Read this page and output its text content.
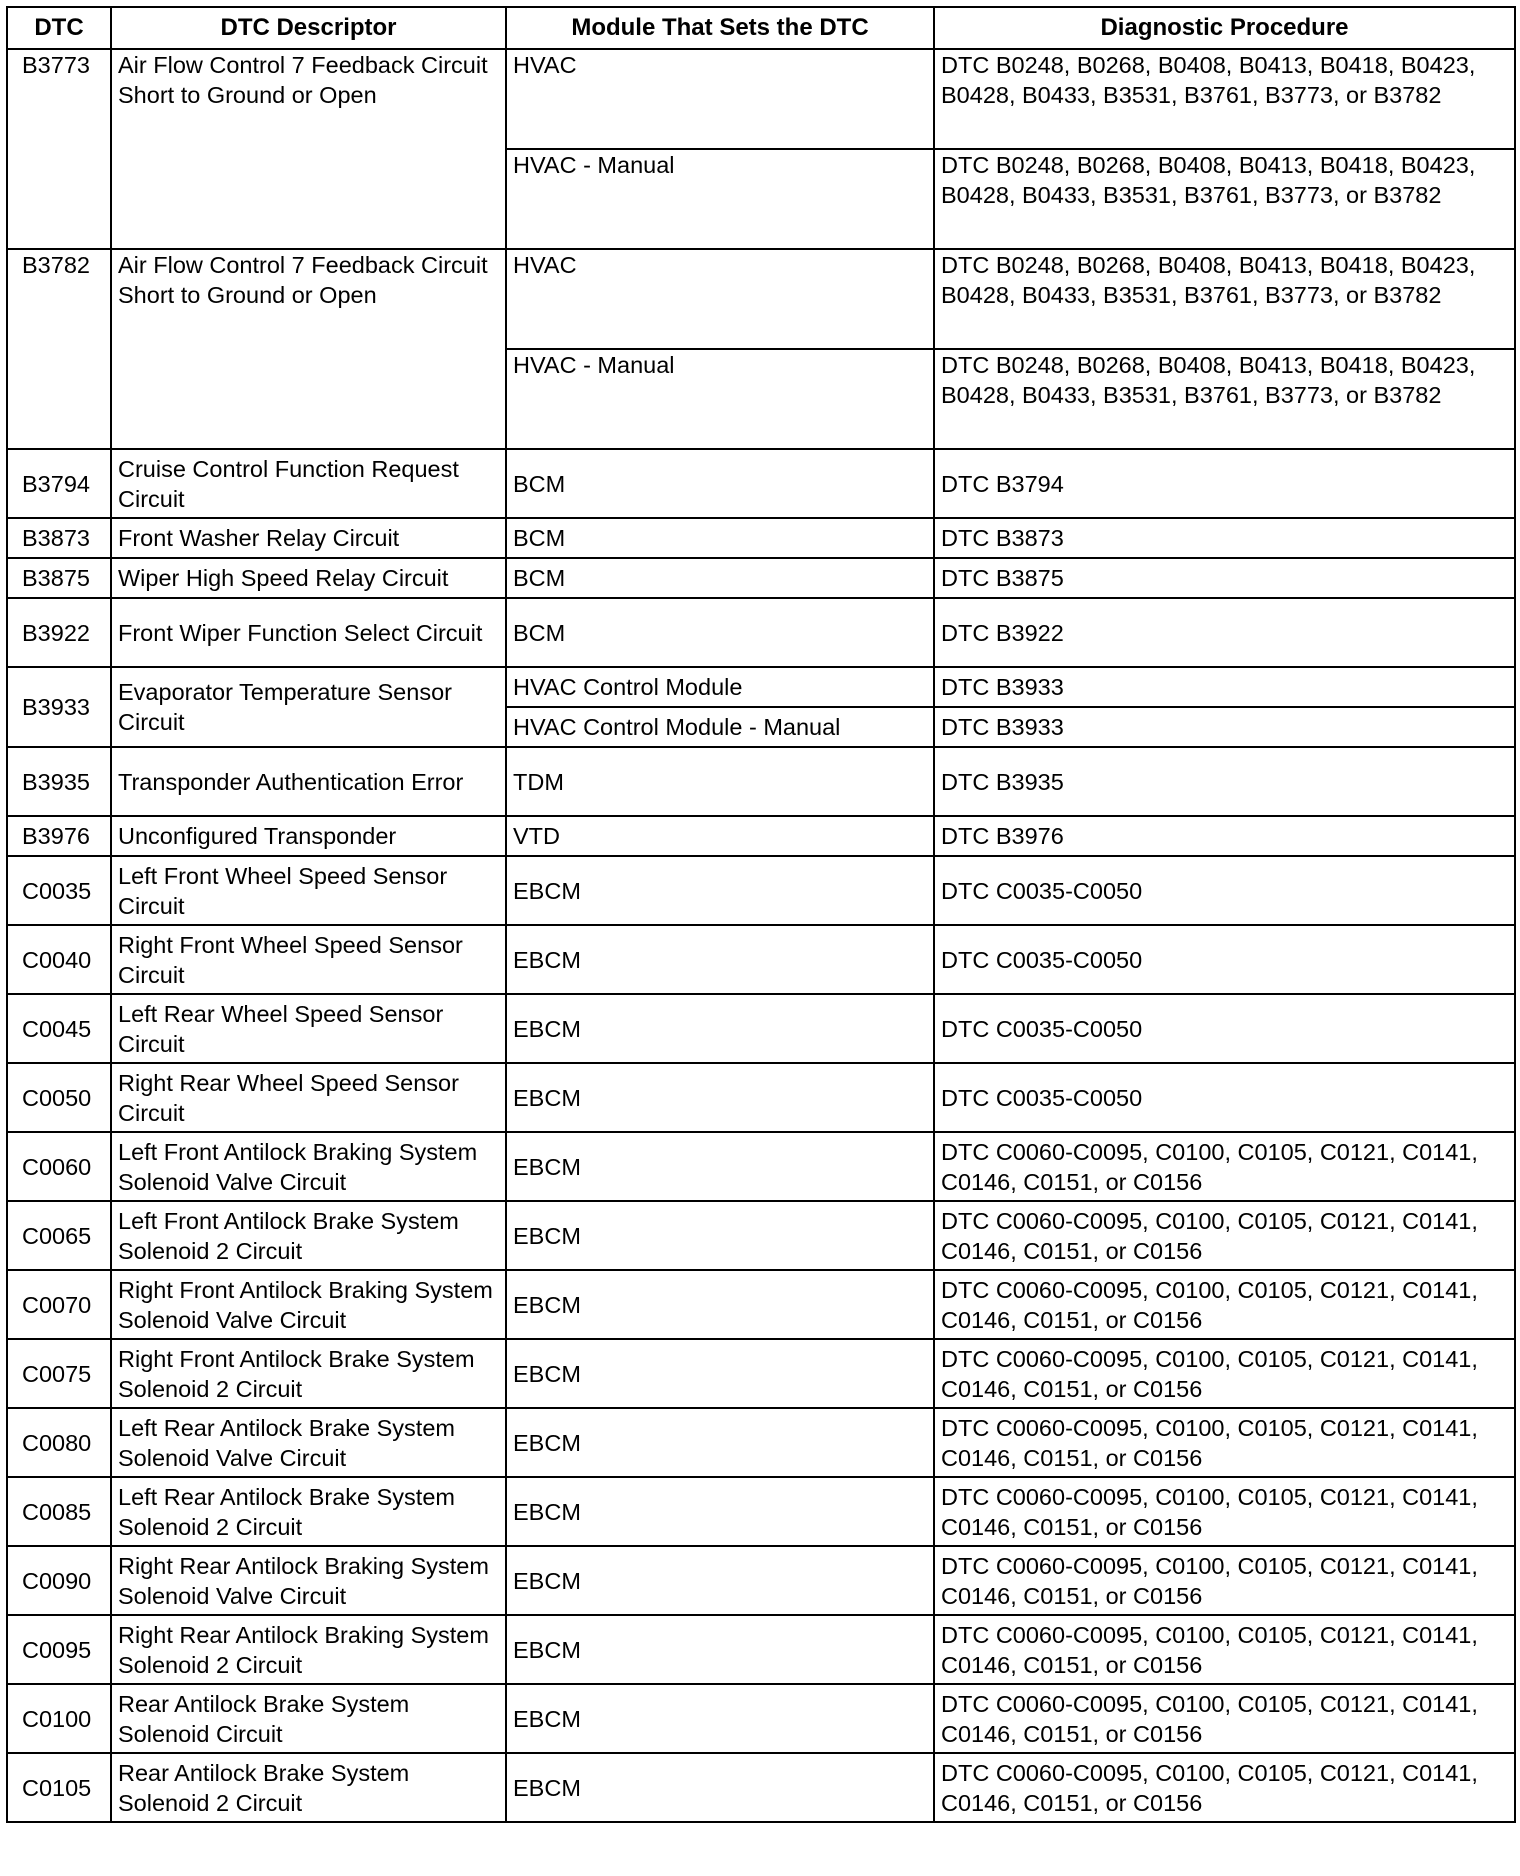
DTC	DTC Descriptor	Module That Sets the DTC	Diagnostic Procedure
B3773	Air Flow Control 7 Feedback Circuit Short to Ground or Open	HVAC	DTC B0248, B0268, B0408, B0413, B0418, B0423, B0428, B0433, B3531, B3761, B3773, or B3782
		HVAC - Manual	DTC B0248, B0268, B0408, B0413, B0418, B0423, B0428, B0433, B3531, B3761, B3773, or B3782
B3782	Air Flow Control 7 Feedback Circuit Short to Ground or Open	HVAC	DTC B0248, B0268, B0408, B0413, B0418, B0423, B0428, B0433, B3531, B3761, B3773, or B3782
		HVAC - Manual	DTC B0248, B0268, B0408, B0413, B0418, B0423, B0428, B0433, B3531, B3761, B3773, or B3782
B3794	Cruise Control Function Request Circuit	BCM	DTC B3794
B3873	Front Washer Relay Circuit	BCM	DTC B3873
B3875	Wiper High Speed Relay Circuit	BCM	DTC B3875
B3922	Front Wiper Function Select Circuit	BCM	DTC B3922
B3933	Evaporator Temperature Sensor Circuit	HVAC Control Module	DTC B3933
		HVAC Control Module - Manual	DTC B3933
B3935	Transponder Authentication Error	TDM	DTC B3935
B3976	Unconfigured Transponder	VTD	DTC B3976
C0035	Left Front Wheel Speed Sensor Circuit	EBCM	DTC C0035-C0050
C0040	Right Front Wheel Speed Sensor Circuit	EBCM	DTC C0035-C0050
C0045	Left Rear Wheel Speed Sensor Circuit	EBCM	DTC C0035-C0050
C0050	Right Rear Wheel Speed Sensor Circuit	EBCM	DTC C0035-C0050
C0060	Left Front Antilock Braking System Solenoid Valve Circuit	EBCM	DTC C0060-C0095, C0100, C0105, C0121, C0141, C0146, C0151, or C0156
C0065	Left Front Antilock Brake System Solenoid 2 Circuit	EBCM	DTC C0060-C0095, C0100, C0105, C0121, C0141, C0146, C0151, or C0156
C0070	Right Front Antilock Braking System Solenoid Valve Circuit	EBCM	DTC C0060-C0095, C0100, C0105, C0121, C0141, C0146, C0151, or C0156
C0075	Right Front Antilock Brake System Solenoid 2 Circuit	EBCM	DTC C0060-C0095, C0100, C0105, C0121, C0141, C0146, C0151, or C0156
C0080	Left Rear Antilock Brake System Solenoid Valve Circuit	EBCM	DTC C0060-C0095, C0100, C0105, C0121, C0141, C0146, C0151, or C0156
C0085	Left Rear Antilock Brake System Solenoid 2 Circuit	EBCM	DTC C0060-C0095, C0100, C0105, C0121, C0141, C0146, C0151, or C0156
C0090	Right Rear Antilock Braking System Solenoid Valve Circuit	EBCM	DTC C0060-C0095, C0100, C0105, C0121, C0141, C0146, C0151, or C0156
C0095	Right Rear Antilock Braking System Solenoid 2 Circuit	EBCM	DTC C0060-C0095, C0100, C0105, C0121, C0141, C0146, C0151, or C0156
C0100	Rear Antilock Brake System Solenoid Circuit	EBCM	DTC C0060-C0095, C0100, C0105, C0121, C0141, C0146, C0151, or C0156
C0105	Rear Antilock Brake System Solenoid 2 Circuit	EBCM	DTC C0060-C0095, C0100, C0105, C0121, C0141, C0146, C0151, or C0156
